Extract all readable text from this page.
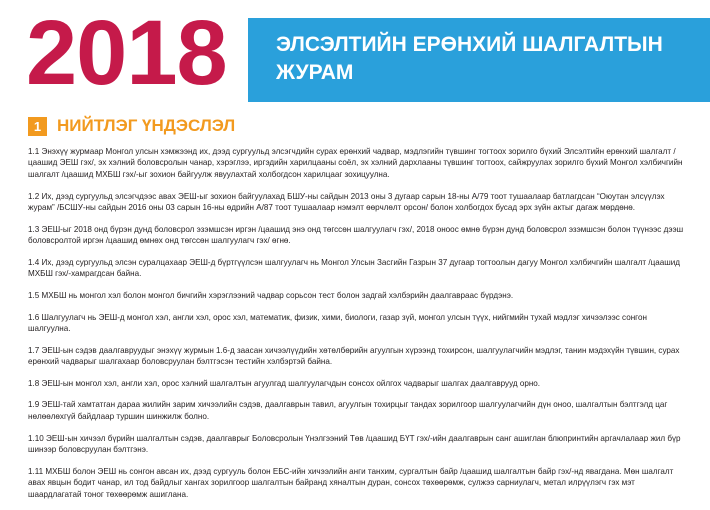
2018 ЭЛСЭЛТИЙН ЕРӨНХИЙ ШАЛГАЛТЫН ЖУРАМ
1 НИЙТЛЭГ ҮНДЭСЛЭЛ

1.1 Энэхүү журмаар Монгол улсын хэмжээнд их, дээд сургуульд элсэгчдийн сурах ерөнхий чадвар, мэдлэгийн түвшинг тогтоох зорилго бүхий Элсэлтийн ерөнхий шалгалт /цаашид ЭЕШ гэх/, эх хэлний боловсролын чанар, хэрэглээ, иргэдийн харилцааны соёл, эх хэлний дархлааны түвшинг тогтоох, сайжруулах зорилго бүхий Монгол хэлбичгийн шалгалт /цаашид МХБШ гэх/-ыг зохион байгуулж явуулахтай холбогдсон харилцааг зохицуулна.

1.2 Их, дээд сургуульд элсэгчдээс авах ЭЕШ-ыг зохион байгуулахад БШУ-ны сайдын 2013 оны 3 дугаар сарын 18-ны А/79 тоот тушаалаар батлагдсан “Оюутан элсүүлэх журам” /БСШУ-ны сайдын 2016 оны 03 сарын 16-ны өдрийн А/87 тоот тушаалаар нэмэлт өөрчлөлт орсон/ болон холбогдох бусад эрх зүйн актыг дагаж мөрдөнө.

1.3 ЭЕШ-ыг 2018 онд бүрэн дунд боловсрол эзэмшсэн иргэн /цаашид энэ онд төгссөн шалгуулагч гэх/, 2018 оноос өмнө бүрэн дунд боловсрол эзэмшсэн болон түүнээс дээш боловсролтой иргэн /цаашид өмнөх онд төгссөн шалгуулагч гэх/ өгнө.

1.4 Их, дээд сургуульд элсэн суралцахаар ЭЕШ-д бүртгүүлсэн шалгуулагч нь Монгол Улсын Засгийн Газрын 37 дугаар тогтоолын дагуу Монгол хэлбичгийн шалгалт /цаашид МХБШ гэх/-хамрагдсан байна.

1.5 МХБШ нь монгол хэл болон монгол бичгийн хэрэглээний чадвар сорьсон тест болон задгай хэлбэрийн даалгавраас бүрдэнэ.

1.6 Шалгуулагч нь ЭЕШ-д монгол хэл, англи хэл, орос хэл, математик, физик, хими, биологи, газар зүй, монгол улсын түүх, нийгмийн тухай мэдлэг хичээлээс сонгон шалгуулна.

1.7 ЭЕШ-ын сэдэв даалгавруудыг энэхүү журмын 1.6-д заасан хичээлүүдийн хөтөлбөрийн агуулгын хүрээнд тохирсон, шалгуулагчийн мэдлэг, танин мэдэхүйн түвшин, сурах ерөнхий чадварыг шалгахаар боловсруулан бэлтгэсэн тестийн хэлбэртэй байна.

1.8 ЭЕШ-ын монгол хэл, англи хэл, орос хэлний шалгалтын агуулгад шалгуулагчдын сонсох ойлгох чадварыг шалгах даалгаврууд орно.

1.9 ЭЕШ-тай хамтатган дараа жилийн зарим хичээлийн сэдэв, даалгаврын тавил, агуулгын тохирцыг тандах зорилгоор шалгуулагчийн дүн оноо, шалгалтын бэлтгэлд цаг нөлөөлөхгүй байдлаар туршин шинжилж болно.

1.10 ЭЕШ-ын хичээл бүрийн шалгалтын сэдэв, даалгаврыг Боловсролын Үнэлгээний Төв /цаашид БҮТ гэх/-ийн даалгаврын санг ашиглан блюпринтийн аргачлалаар жил бүр шинээр боловсруулан бэлтгэнэ.

1.11 МХБШ болон ЭЕШ нь сонгон авсан их, дээд сургууль болон ЕБС-ийн хичээлийн анги танхим, сургалтын байр /цаашид шалгалтын байр гэх/-нд явагдана. Мөн шалгалт авах явцын бодит чанар, ил тод байдлыг хангах зорилгоор шалгалтын байранд хяналтын дуран, сонсох төхөөрөмж, сулжээ сарниулагч, метал илрүүлэгч гэх мэт шаардлагатай тоног төхөөрөмж ашиглана.
